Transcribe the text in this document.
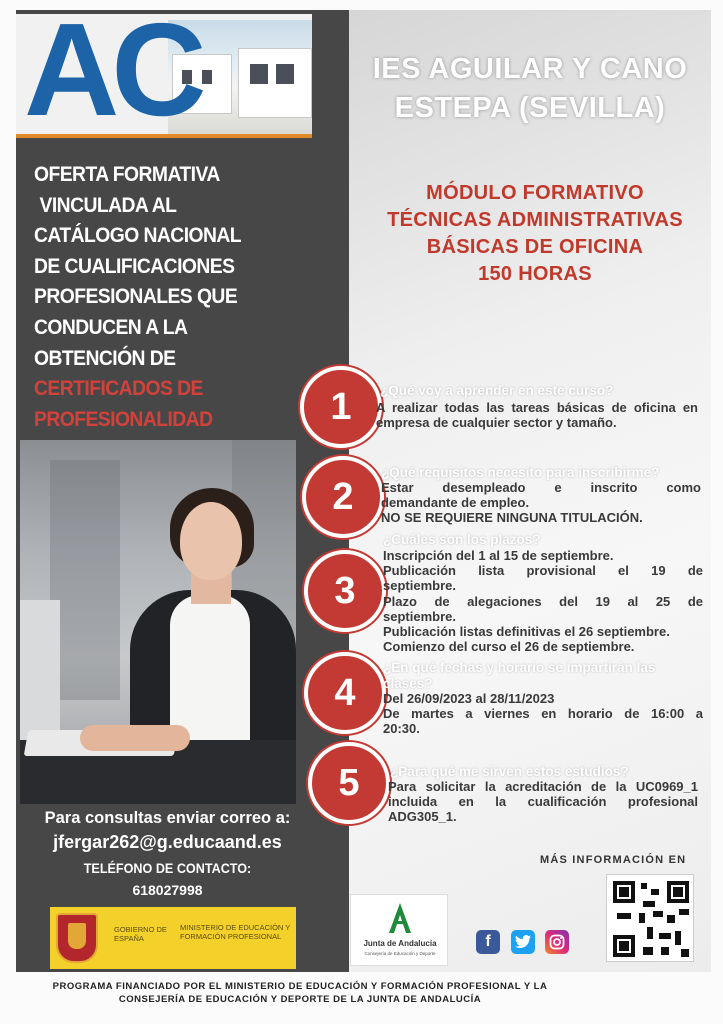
AC	IES AGUILAR Y CANO
ESTEPA (SEVILLA)
OFERTA FORMATIVA
VINCULADA AL
CATÁLOGO NACIONAL
DE CUALIFICACIONES
PROFESIONALES QUE
CONDUCEN A LA
OBTENCIÓN DE
CERTIFICADOS DE
PROFESIONALIDAD
MÓDULO FORMATIVO
TÉCNICAS ADMINISTRATIVAS
BÁSICAS DE OFICINA
150 HORAS
Para consultas enviar correo a:
jfergar262@g.educaand.es
TELÉFONO DE CONTACTO:
618027998
GOBIERNO DE ESPAÑA
MINISTERIO DE EDUCACIÓN Y FORMACIÓN PROFESIONAL
1	¿Qué voy a aprender en este curso?
A realizar todas las tareas básicas de oficina en
empresa de cualquier sector y tamaño.
2
¿Qué requisitos necesito para inscribirme?
Estar desempleado e inscrito como
demandante de empleo.
NO SE REQUIERE NINGUNA TITULACIÓN.
¿Cuáles son los plazos?
3
Inscripción del 1 al 15 de septiembre.
Publicación lista provisional el 19 de
septiembre.
Plazo de alegaciones del 19 al 25 de
septiembre.
Publicación listas definitivas el 26 septiembre.
Comienzo del curso el 26 de septiembre.
4
¿En qué fechas y horario se impartirán las
clases?
Del 26/09/2023 al 28/11/2023
De martes a viernes en horario de 16:00 a
20:30.
5	¿Para qué me sirven estos estudios?
Para solicitar la acreditación de la UC0969_1
incluida en la cualificación profesional
ADG305_1.
MÁS INFORMACIÓN EN
Junta de Andalucía
Consejería de Educación y Deporte
f
PROGRAMA FINANCIADO POR EL MINISTERIO DE EDUCACIÓN Y FORMACIÓN PROFESIONAL Y LA
CONSEJERÍA DE EDUCACIÓN Y DEPORTE DE LA JUNTA DE ANDALUCÍA
